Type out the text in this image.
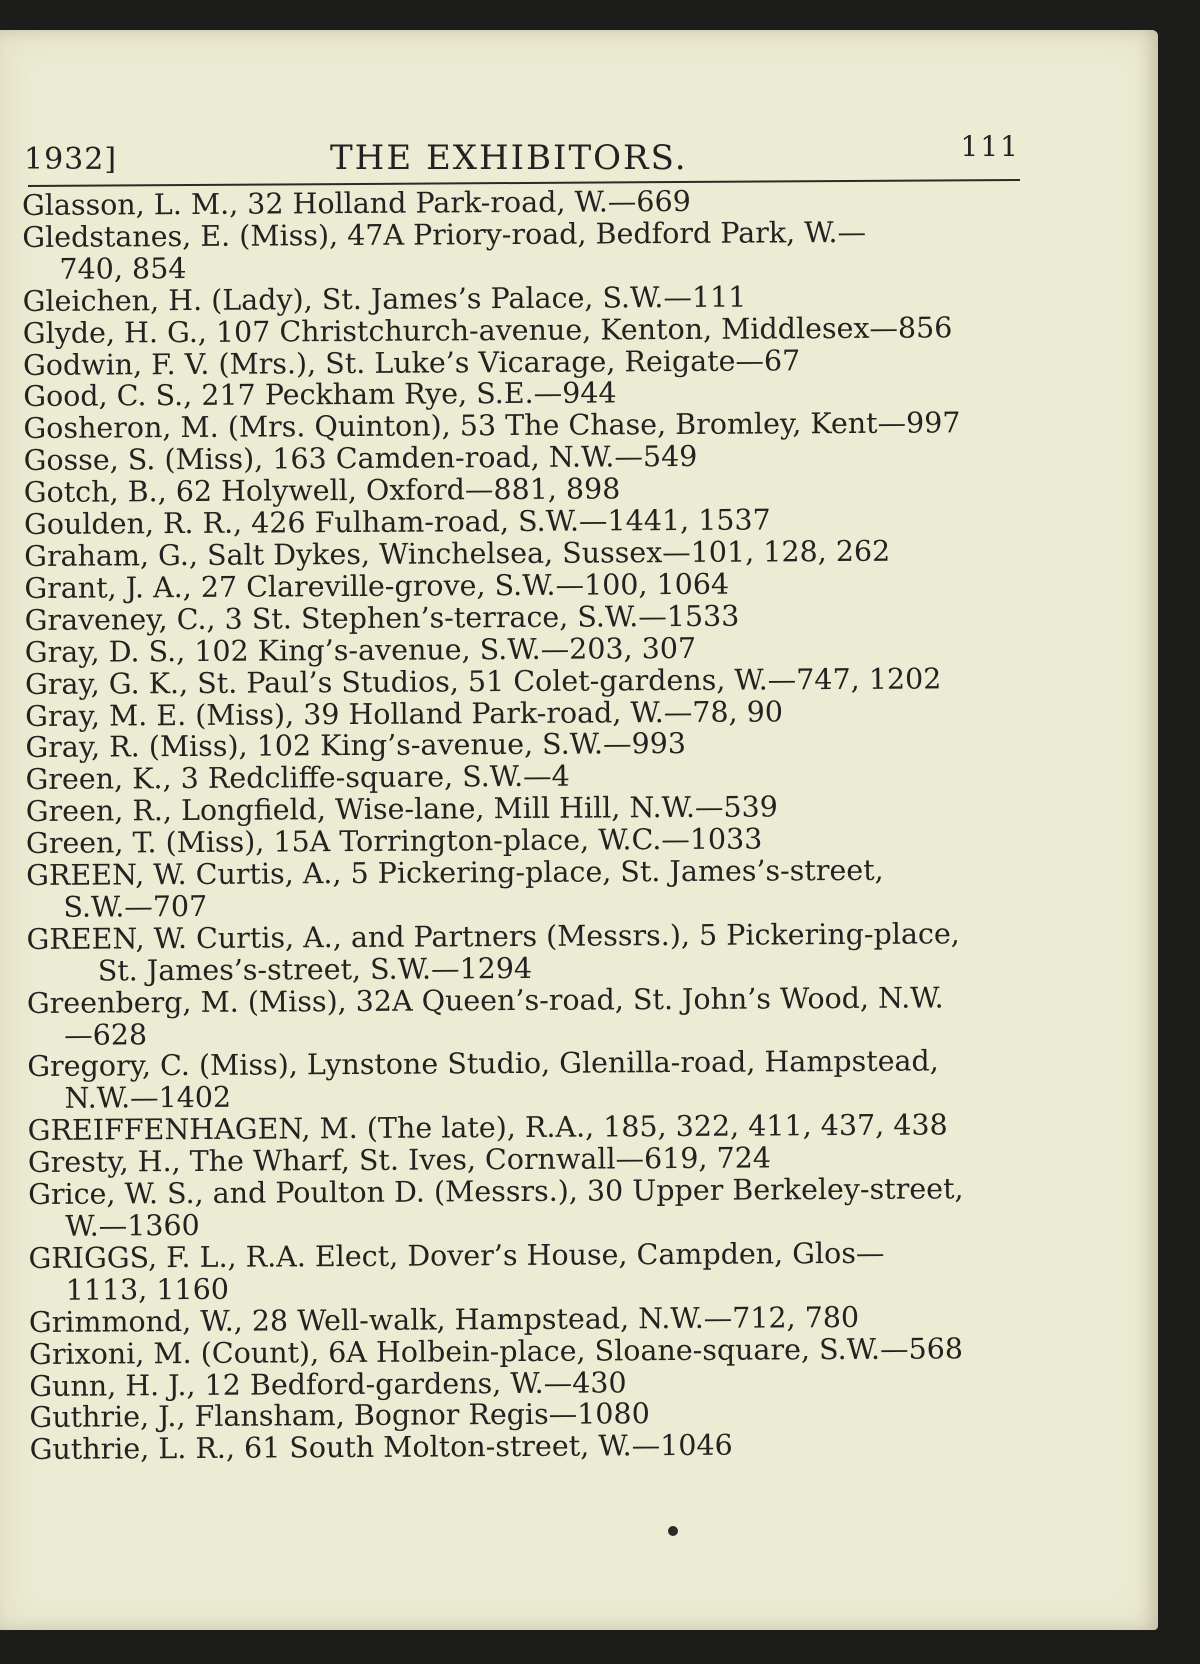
1932]	THE EXHIBITORS.	111
Glasson, L. M., 32 Holland Park-road, W.—669
Gledstanes, E. (Miss), 47A Priory-road, Bedford Park, W.—
740, 854
Gleichen, H. (Lady), St. James’s Palace, S.W.—111
Glyde, H. G., 107 Christchurch-avenue, Kenton, Middlesex—856
Godwin, F. V. (Mrs.), St. Luke’s Vicarage, Reigate—67
Good, C. S., 217 Peckham Rye, S.E.—944
Gosheron, M. (Mrs. Quinton), 53 The Chase, Bromley, Kent—997
Gosse, S. (Miss), 163 Camden-road, N.W.—549
Gotch, B., 62 Holywell, Oxford—881, 898
Goulden, R. R., 426 Fulham-road, S.W.—1441, 1537
Graham, G., Salt Dykes, Winchelsea, Sussex—101, 128, 262
Grant, J. A., 27 Clareville-grove, S.W.—100, 1064
Graveney, C., 3 St. Stephen’s-terrace, S.W.—1533
Gray, D. S., 102 King’s-avenue, S.W.—203, 307
Gray, G. K., St. Paul’s Studios, 51 Colet-gardens, W.—747, 1202
Gray, M. E. (Miss), 39 Holland Park-road, W.—78, 90
Gray, R. (Miss), 102 King’s-avenue, S.W.—993
Green, K., 3 Redcliffe-square, S.W.—4
Green, R., Longfield, Wise-lane, Mill Hill, N.W.—539
Green, T. (Miss), 15A Torrington-place, W.C.—1033
GREEN, W. Curtis, A., 5 Pickering-place, St. James’s-street,
S.W.—707
GREEN, W. Curtis, A., and Partners (Messrs.), 5 Pickering-place,
St. James’s-street, S.W.—1294
Greenberg, M. (Miss), 32A Queen’s-road, St. John’s Wood, N.W.
—628
Gregory, C. (Miss), Lynstone Studio, Glenilla-road, Hampstead,
N.W.—1402
GREIFFENHAGEN, M. (The late), R.A., 185, 322, 411, 437, 438
Gresty, H., The Wharf, St. Ives, Cornwall—619, 724
Grice, W. S., and Poulton D. (Messrs.), 30 Upper Berkeley-street,
W.—1360
GRIGGS, F. L., R.A. Elect, Dover’s House, Campden, Glos—
1113, 1160
Grimmond, W., 28 Well-walk, Hampstead, N.W.—712, 780
Grixoni, M. (Count), 6A Holbein-place, Sloane-square, S.W.—568
Gunn, H. J., 12 Bedford-gardens, W.—430
Guthrie, J., Flansham, Bognor Regis—1080
Guthrie, L. R., 61 South Molton-street, W.—1046
